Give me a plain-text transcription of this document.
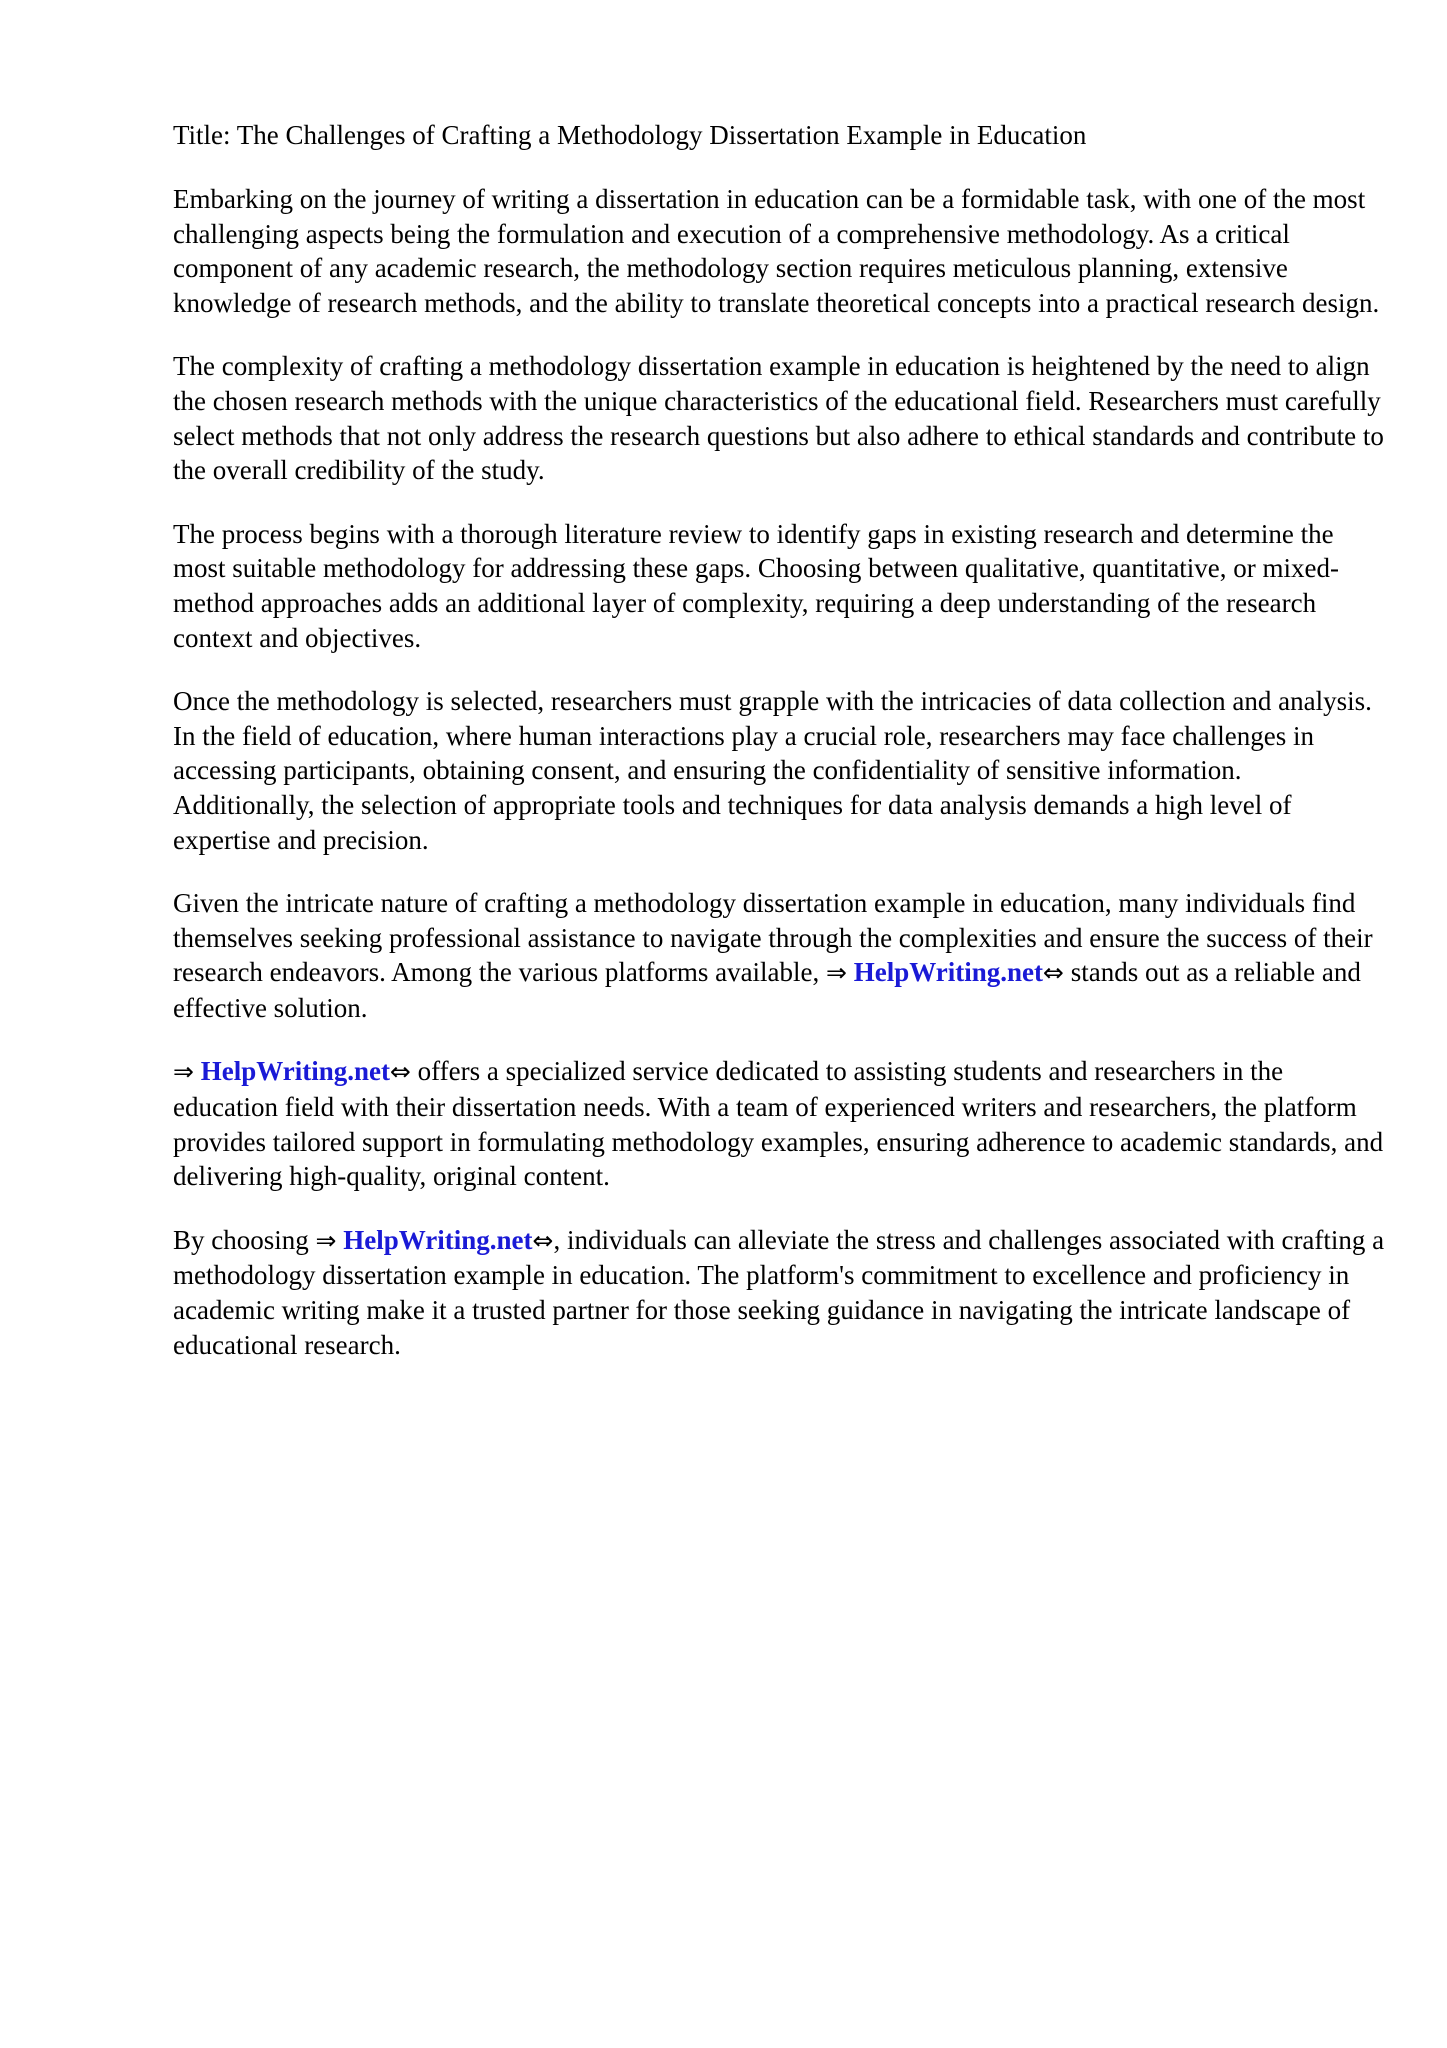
Title: The Challenges of Crafting a Methodology Dissertation Example in Education

Embarking on the journey of writing a dissertation in education can be a formidable task, with one of the most challenging aspects being the formulation and execution of a comprehensive methodology. As a critical component of any academic research, the methodology section requires meticulous planning, extensive knowledge of research methods, and the ability to translate theoretical concepts into a practical research design.

The complexity of crafting a methodology dissertation example in education is heightened by the need to align the chosen research methods with the unique characteristics of the educational field. Researchers must carefully select methods that not only address the research questions but also adhere to ethical standards and contribute to the overall credibility of the study.

The process begins with a thorough literature review to identify gaps in existing research and determine the most suitable methodology for addressing these gaps. Choosing between qualitative, quantitative, or mixed-method approaches adds an additional layer of complexity, requiring a deep understanding of the research context and objectives.

Once the methodology is selected, researchers must grapple with the intricacies of data collection and analysis. In the field of education, where human interactions play a crucial role, researchers may face challenges in accessing participants, obtaining consent, and ensuring the confidentiality of sensitive information. Additionally, the selection of appropriate tools and techniques for data analysis demands a high level of expertise and precision.

Given the intricate nature of crafting a methodology dissertation example in education, many individuals find themselves seeking professional assistance to navigate through the complexities and ensure the success of their research endeavors. Among the various platforms available, ⇒ HelpWriting.net⇔ stands out as a reliable and effective solution.

⇒ HelpWriting.net⇔ offers a specialized service dedicated to assisting students and researchers in the education field with their dissertation needs. With a team of experienced writers and researchers, the platform provides tailored support in formulating methodology examples, ensuring adherence to academic standards, and delivering high-quality, original content.

By choosing ⇒ HelpWriting.net⇔, individuals can alleviate the stress and challenges associated with crafting a methodology dissertation example in education. The platform's commitment to excellence and proficiency in academic writing make it a trusted partner for those seeking guidance in navigating the intricate landscape of educational research.
